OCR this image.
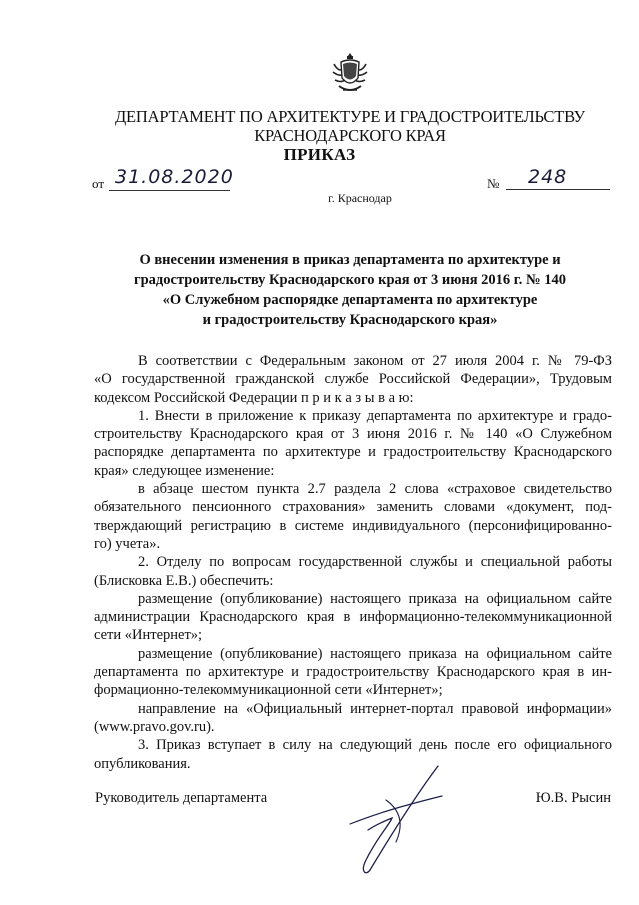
ДЕПАРТАМЕНТ ПО АРХИТЕКТУРЕ И ГРАДОСТРОИТЕЛЬСТВУ
КРАСНОДАРСКОГО КРАЯ
ПРИКАЗ
от 31.08.2020	№	248
г. Краснодар
О внесении изменения в приказ департамента по архитектуре и
градостроительству Краснодарского края от 3 июня 2016 г. № 140
«О Служебном распорядке департамента по архитектуре
и градостроительству Краснодарского края»
В соответствии с Федеральным законом от 27 июля 2004 г. № 79-ФЗ
«О государственной гражданской службе Российской Федерации», Трудовым
кодексом Российской Федерации п р и к а з ы в а ю:
1. Внести в приложение к приказу департамента по архитектуре и градо-
строительству Краснодарского края от 3 июня 2016 г. № 140 «О Служебном
распорядке департамента по архитектуре и градостроительству Краснодарского
края» следующее изменение:
в абзаце шестом пункта 2.7 раздела 2 слова «страховое свидетельство
обязательного пенсионного страхования» заменить словами «документ, под-
тверждающий регистрацию в системе индивидуального (персонифицированно-
го) учета».
2. Отделу по вопросам государственной службы и специальной работы
(Блисковка Е.В.) обеспечить:
размещение (опубликование) настоящего приказа на официальном сайте
администрации Краснодарского края в информационно-телекоммуникационной
сети «Интернет»;
размещение (опубликование) настоящего приказа на официальном сайте
департамента по архитектуре и градостроительству Краснодарского края в ин-
формационно-телекоммуникационной сети «Интернет»;
направление на «Официальный интернет-портал правовой информации»
(www.pravo.gov.ru).
3. Приказ вступает в силу на следующий день после его официального
опубликования.
Руководитель департамента	Ю.В. Рысин
